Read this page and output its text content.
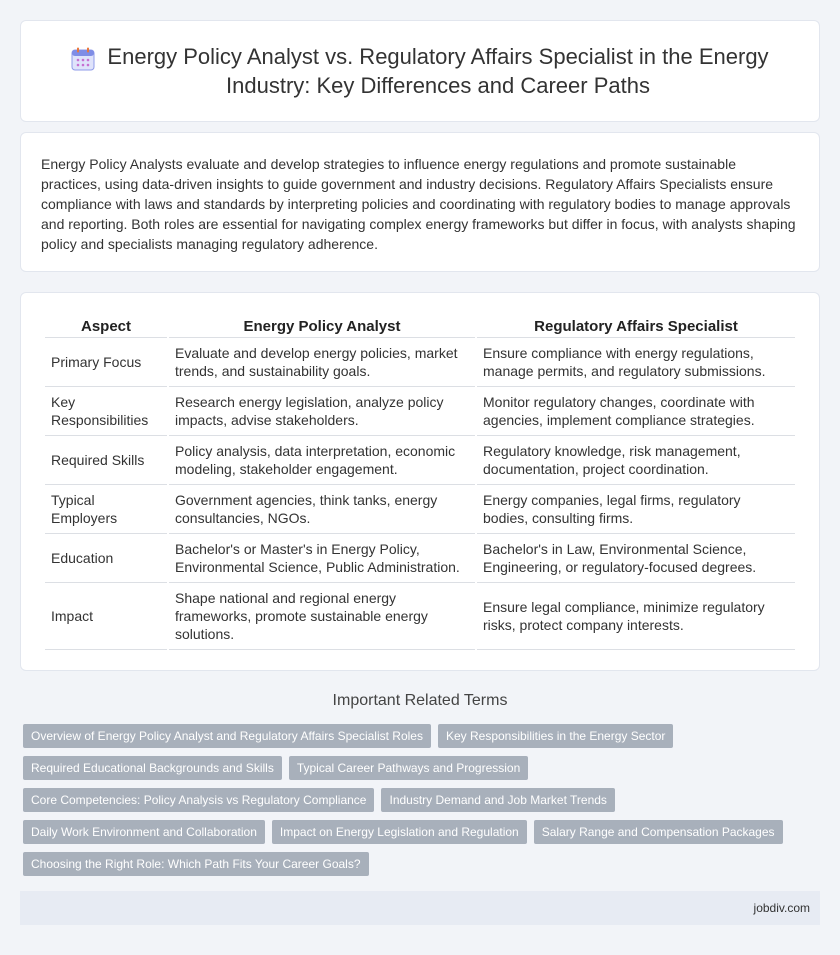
Energy Policy Analyst vs. Regulatory Affairs Specialist in the Energy Industry: Key Differences and Career Paths

Energy Policy Analysts evaluate and develop strategies to influence energy regulations and promote sustainable practices, using data-driven insights to guide government and industry decisions. Regulatory Affairs Specialists ensure compliance with laws and standards by interpreting policies and coordinating with regulatory bodies to manage approvals and reporting. Both roles are essential for navigating complex energy frameworks but differ in focus, with analysts shaping policy and specialists managing regulatory adherence.

Aspect	Energy Policy Analyst	Regulatory Affairs Specialist
Primary Focus	Evaluate and develop energy policies, market trends, and sustainability goals.	Ensure compliance with energy regulations, manage permits, and regulatory submissions.
Key Responsibilities	Research energy legislation, analyze policy impacts, advise stakeholders.	Monitor regulatory changes, coordinate with agencies, implement compliance strategies.
Required Skills	Policy analysis, data interpretation, economic modeling, stakeholder engagement.	Regulatory knowledge, risk management, documentation, project coordination.
Typical Employers	Government agencies, think tanks, energy consultancies, NGOs.	Energy companies, legal firms, regulatory bodies, consulting firms.
Education	Bachelor's or Master's in Energy Policy, Environmental Science, Public Administration.	Bachelor's in Law, Environmental Science, Engineering, or regulatory-focused degrees.
Impact	Shape national and regional energy frameworks, promote sustainable energy solutions.	Ensure legal compliance, minimize regulatory risks, protect company interests.
Important Related Terms
Overview of Energy Policy Analyst and Regulatory Affairs Specialist Roles	Key Responsibilities in the Energy Sector
Required Educational Backgrounds and Skills	Typical Career Pathways and Progression
Core Competencies: Policy Analysis vs Regulatory Compliance	Industry Demand and Job Market Trends
Daily Work Environment and Collaboration	Impact on Energy Legislation and Regulation	Salary Range and Compensation Packages
Choosing the Right Role: Which Path Fits Your Career Goals?
jobdiv.com
